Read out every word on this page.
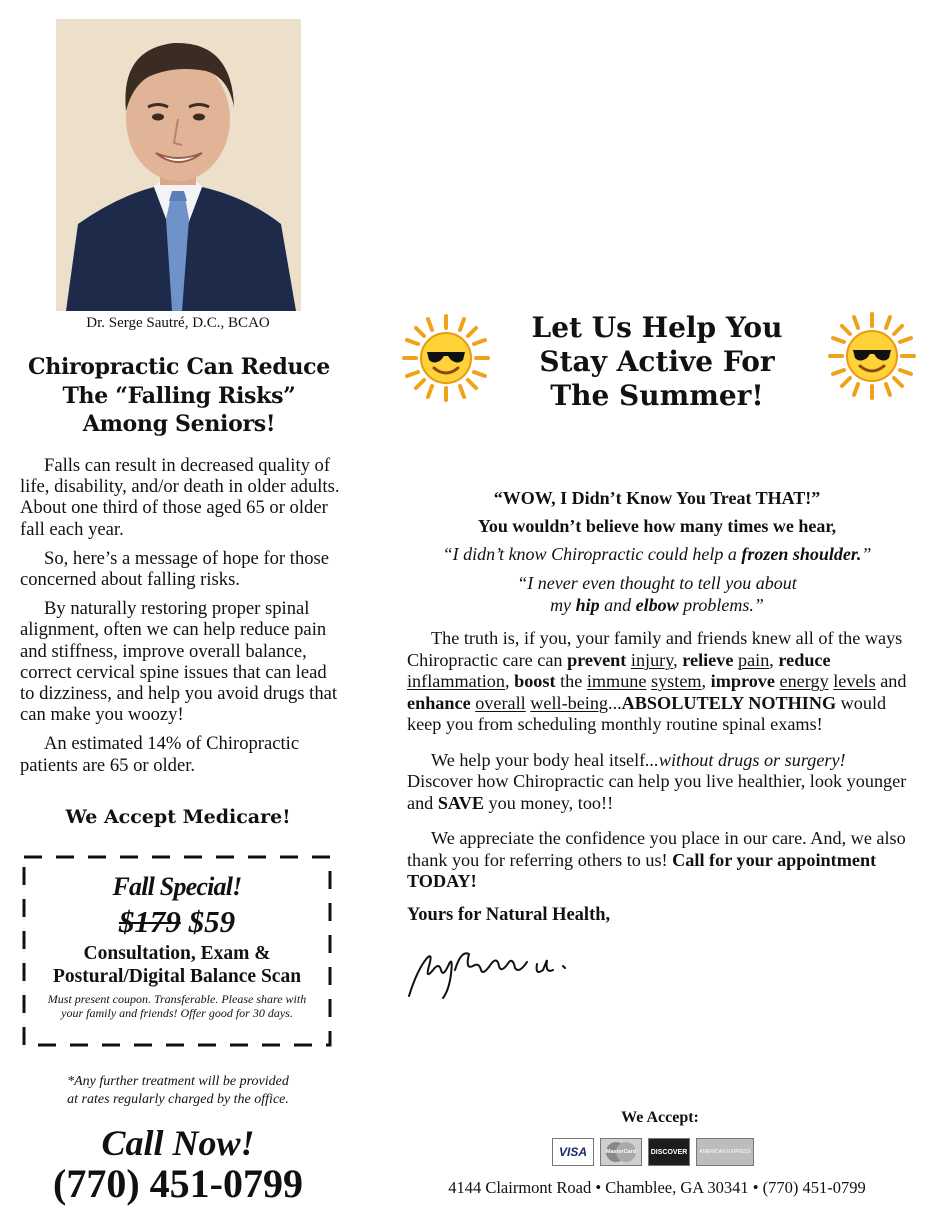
Dr. Serge Sautré, D.C., BCAO
Chiropractic Can Reduce
The “Falling Risks”
Among Seniors!

Falls can result in decreased quality of life, disability, and/or death in older adults. About one third of those aged 65 or older fall each year.

So, here’s a message of hope for those concerned about falling risks.

By naturally restoring proper spinal alignment, often we can help reduce pain and stiffness, improve overall balance, correct cervical spine issues that can lead to dizziness, and help you avoid drugs that can make you woozy!

An estimated 14% of Chiropractic patients are 65 or older.

We Accept Medicare!
Fall Special!
$179 $59
Consultation, Exam &
Postural/Digital Balance Scan
Must present coupon. Transferable. Please share with
your family and friends! Offer good for 30 days.
*Any further treatment will be provided
at rates regularly charged by the office.
Call Now!
(770) 451-0799
Let Us Help You
Stay Active For
The Summer!
“WOW, I Didn’t Know You Treat THAT!”
You wouldn’t believe how many times we hear,
“I didn’t know Chiropractic could help a frozen shoulder.”
“I never even thought to tell you about
my hip and elbow problems.”

The truth is, if you, your family and friends knew all of the ways Chiropractic care can prevent injury, relieve pain, reduce inflammation, boost the immune system, improve energy levels and enhance overall well-being...ABSOLUTELY NOTHING would keep you from scheduling monthly routine spinal exams!

We help your body heal itself...without drugs or surgery! Discover how Chiropractic can help you live healthier, look younger and SAVE you money, too!!

We appreciate the confidence you place in our care. And, we also thank you for referring others to us! Call for your appointment TODAY!

Yours for Natural Health,
We Accept:
VISA	MasterCard DISCOVER AMERICAN EXPRESS
4144 Clairmont Road • Chamblee, GA 30341 • (770) 451-0799
